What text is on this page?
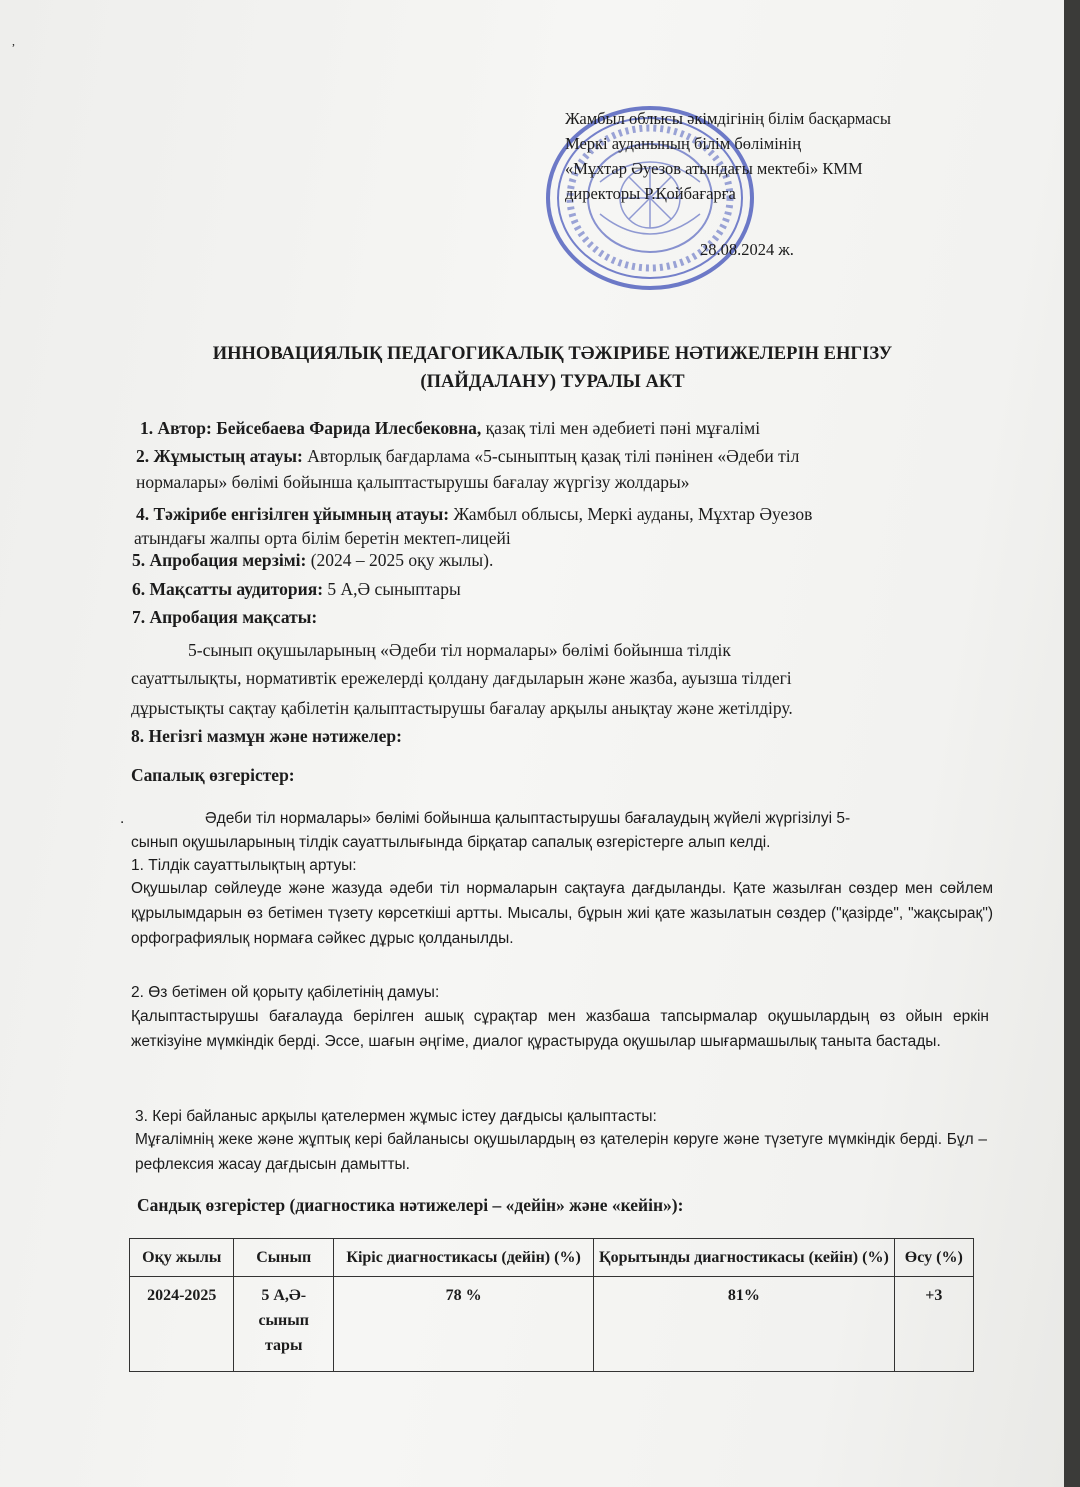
,
Жамбыл облысы әкімдігінің білім басқармасы
Меркі ауданының білім бөлімінің
«Мұхтар Әуезов атындағы мектебі» КММ
директоры Р.Қойбағарға
28.08.2024 ж.
ИННОВАЦИЯЛЫҚ ПЕДАГОГИКАЛЫҚ ТӘЖІРИБЕ НӘТИЖЕЛЕРІН ЕНГІЗУ
(ПАЙДАЛАНУ) ТУРАЛЫ АКТ
1. Автор: Бейсебаева Фарида Илесбековна, қазақ тілі мен әдебиеті пәні мұғалімі
2. Жұмыстың атауы: Авторлық бағдарлама «5-сыныптың қазақ тілі пәнінен «Әдеби тіл
нормалары» бөлімі бойынша қалыптастырушы бағалау жүргізу жолдары»
4. Тәжірибе енгізілген ұйымның атауы: Жамбыл облысы, Меркі ауданы, Мұхтар Әуезов
атындағы жалпы орта білім беретін мектеп-лицейі
5. Апробация мерзімі: (2024 – 2025 оқу жылы).
6. Мақсатты аудитория: 5 А,Ә сыныптары
7. Апробация мақсаты:
5-сынып оқушыларының «Әдеби тіл нормалары» бөлімі бойынша тілдік
сауаттылықты, нормативтік ережелерді қолдану дағдыларын және жазба, ауызша тілдегі
дұрыстықты сақтау қабілетін қалыптастырушы бағалау арқылы анықтау және жетілдіру.
8. Негізгі мазмұн және нәтижелер:
Сапалық өзгерістер:
.	Әдеби тіл нормалары» бөлімі бойынша қалыптастырушы бағалаудың жүйелі жүргізілуі 5-
сынып оқушыларының тілдік сауаттылығында бірқатар сапалық өзгерістерге алып келді.
1. Тілдік сауаттылықтың артуы:
Оқушылар сөйлеуде және жазуда әдеби тіл нормаларын сақтауға дағдыланды. Қате жазылған сөздер мен сөйлем құрылымдарын өз бетімен түзету көрсеткіші артты. Мысалы, бұрын жиі қате жазылатын сөздер ("қазірде", "жақсырақ") орфографиялық нормаға сәйкес дұрыс қолданылды.
2. Өз бетімен ой қорыту қабілетінің дамуы:
Қалыптастырушы бағалауда берілген ашық сұрақтар мен жазбаша тапсырмалар оқушылардың өз ойын еркін жеткізуіне мүмкіндік берді. Эссе, шағын әңгіме, диалог құрастыруда оқушылар шығармашылық таныта бастады.
3. Кері байланыс арқылы қателермен жұмыс істеу дағдысы қалыптасты:
Мұғалімнің жеке және жұптық кері байланысы оқушылардың өз қателерін көруге және түзетуге мүмкіндік берді. Бұл – рефлексия жасау дағдысын дамытты.
Сандық өзгерістер (диагностика нәтижелері – «дейін» және «кейін»):
Оқу жылы	Сынып	Кіріс диагностикасы (дейін) (%)	Қорытынды диагностикасы (кейін) (%)	Өсу (%)
2024-2025	5 А,Ә-сынып тары	78 %	81%	+3
